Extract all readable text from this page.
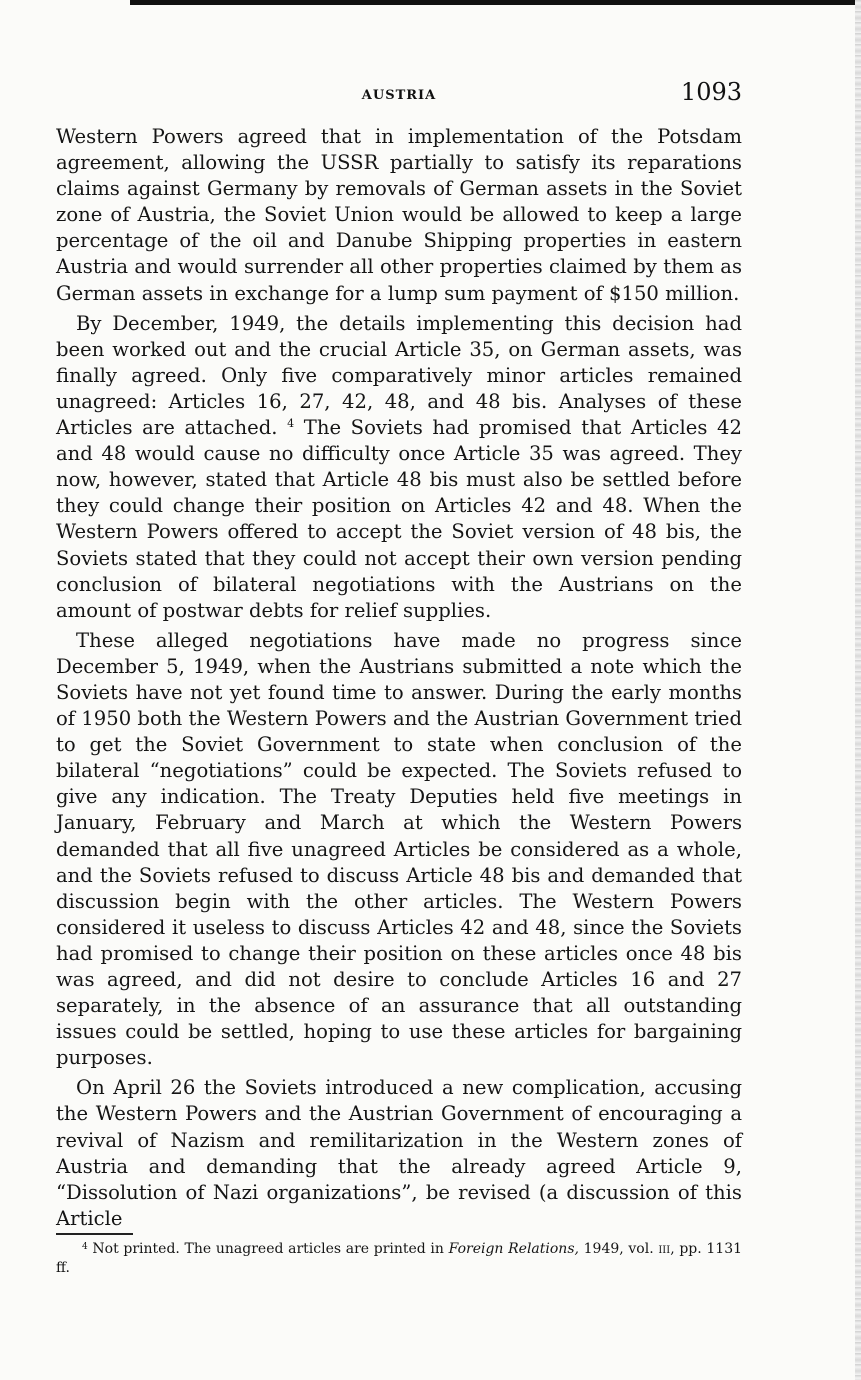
AUSTRIA	1093

Western Powers agreed that in implementation of the Potsdam agreement, allowing the USSR partially to satisfy its reparations claims against Germany by removals of German assets in the Soviet zone of Austria, the Soviet Union would be allowed to keep a large percentage of the oil and Danube Shipping properties in eastern Austria and would surrender all other properties claimed by them as German assets in exchange for a lump sum payment of $150 million.

By December, 1949, the details implementing this decision had been worked out and the crucial Article 35, on German assets, was finally agreed. Only five comparatively minor articles remained unagreed: Articles 16, 27, 42, 48, and 48 bis. Analyses of these Articles are attached. $^4$ The Soviets had promised that Articles 42 and 48 would cause no difficulty once Article 35 was agreed. They now, however, stated that Article 48 bis must also be settled before they could change their position on Articles 42 and 48. When the Western Powers offered to accept the Soviet version of 48 bis, the Soviets stated that they could not accept their own version pending conclusion of bilateral negotiations with the Austrians on the amount of postwar debts for relief supplies.

These alleged negotiations have made no progress since December 5, 1949, when the Austrians submitted a note which the Soviets have not yet found time to answer. During the early months of 1950 both the Western Powers and the Austrian Government tried to get the Soviet Government to state when conclusion of the bilateral “negotiations” could be expected. The Soviets refused to give any indication. The Treaty Deputies held five meetings in January, February and March at which the Western Powers demanded that all five unagreed Articles be considered as a whole, and the Soviets refused to discuss Article 48 bis and demanded that discussion begin with the other articles. The Western Powers considered it useless to discuss Articles 42 and 48, since the Soviets had promised to change their position on these articles once 48 bis was agreed, and did not desire to conclude Articles 16 and 27 separately, in the absence of an assurance that all outstanding issues could be settled, hoping to use these articles for bargaining purposes.

On April 26 the Soviets introduced a new complication, accusing the Western Powers and the Austrian Government of encouraging a revival of Nazism and remilitarization in the Western zones of Austria and demanding that the already agreed Article 9, “Dissolution of Nazi organizations”, be revised (a discussion of this Article

$^4$ Not printed. The unagreed articles are printed in Foreign Relations, 1949, vol. iii, pp. 1131 ff.
